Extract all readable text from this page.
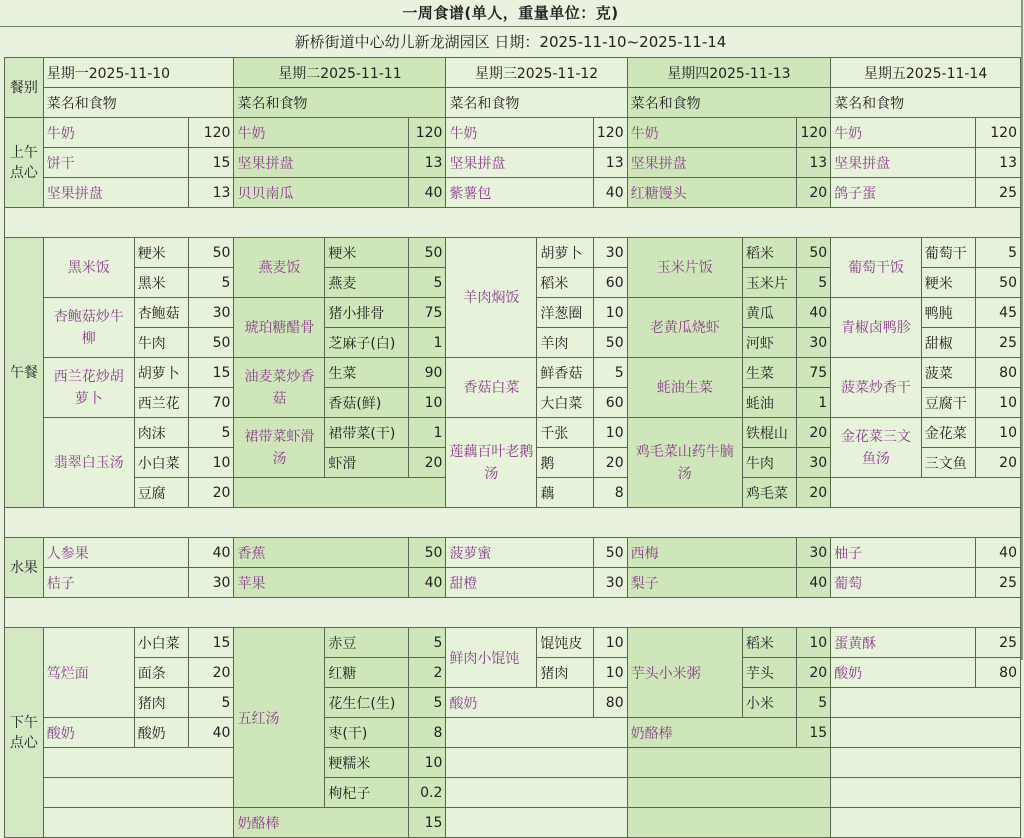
一周食谱(单人，重量单位：克)
新桥街道中心幼儿新龙湖园区 日期：2025-11-10~2025-11-14
餐别	星期一2025-11-10			星期二2025-11-11			星期三2025-11-12			星期四2025-11-13			星期五2025-11-14		
	菜名和食物			菜名和食物			菜名和食物			菜名和食物			菜名和食物		
上午点心	牛奶		120	牛奶		120	牛奶		120	牛奶		120	牛奶		120
	饼干		15	坚果拼盘		13	坚果拼盘		13	坚果拼盘		13	坚果拼盘		13
	坚果拼盘		13	贝贝南瓜		40	紫薯包		40	红糖馒头		20	鸽子蛋		25

午餐	黑米饭	粳米	50	燕麦饭	粳米	50	羊肉焖饭	胡萝卜	30	玉米片饭	稻米	50	葡萄干饭	葡萄干	5
		黑米	5		燕麦	5		稻米	60		玉米片	5		粳米	50
	杏鲍菇炒牛柳	杏鲍菇	30	琥珀糖醋骨	猪小排骨	75		洋葱圈	10	老黄瓜烧虾	黄瓜	40	青椒卤鸭胗	鸭肫	45
		牛肉	50		芝麻子(白)	1		羊肉	50		河虾	30		甜椒	25
	西兰花炒胡萝卜	胡萝卜	15	油麦菜炒香菇	生菜	90	香菇白菜	鲜香菇	5	蚝油生菜	生菜	75	菠菜炒香干	菠菜	80
		西兰花	70		香菇(鲜)	10		大白菜	60		蚝油	1		豆腐干	10
	翡翠白玉汤	肉沫	5	裙带菜虾滑汤	裙带菜(干)	1	莲藕百叶老鹅汤	千张	10	鸡毛菜山药牛腩汤	铁棍山	20	金花菜三文鱼汤	金花菜	10
		小白菜	10		虾滑	20		鹅	20		牛肉	30		三文鱼	20
		豆腐	20					藕	8		鸡毛菜	20			

水果	人参果		40	香蕉		50	菠萝蜜		50	西梅		30	柚子		40
	桔子		30	苹果		40	甜橙		30	梨子		40	葡萄		25

下午点心	笃烂面	小白菜	15	五红汤	赤豆	5	鲜肉小馄饨	馄饨皮	10	芋头小米粥	稻米	10	蛋黄酥		25
		面条	20		红糖	2		猪肉	10		芋头	20	酸奶		80
		猪肉	5		花生仁(生)	5	酸奶		80		小米	5			
	酸奶	酸奶	40		枣(干)	8				奶酪棒		15			
					粳糯米	10									
					枸杞子	0.2									
				奶酪棒		15									
